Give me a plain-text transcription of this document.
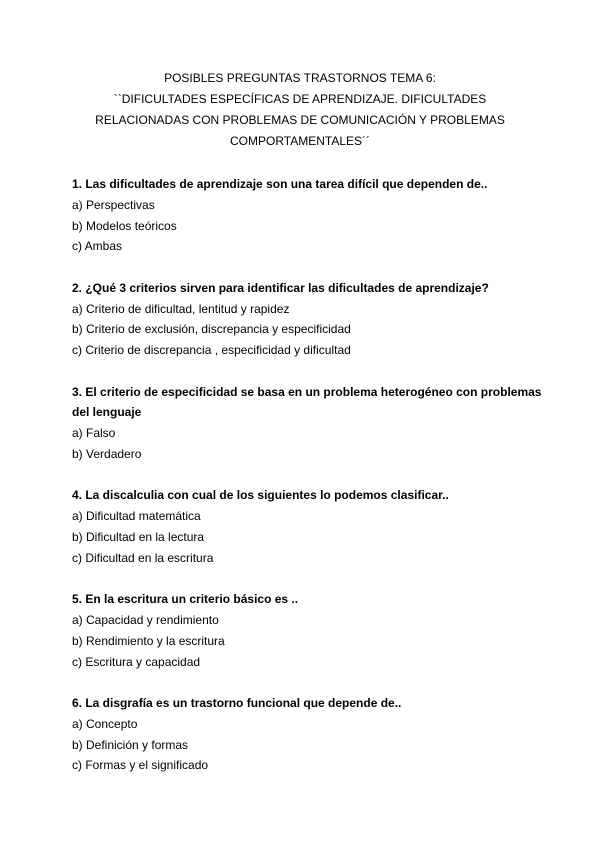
POSIBLES PREGUNTAS TRASTORNOS TEMA 6:
``DIFICULTADES ESPECÍFICAS DE APRENDIZAJE. DIFICULTADES
RELACIONADAS CON PROBLEMAS DE COMUNICACIÓN Y PROBLEMAS
COMPORTAMENTALES´´
1. Las dificultades de aprendizaje son una tarea difícil que dependen de..
a) Perspectivas
b) Modelos teóricos
c) Ambas
2. ¿Qué 3 criterios sirven para identificar las dificultades de aprendizaje?
a) Criterio de dificultad, lentitud y rapidez
b) Criterio de exclusión, discrepancia y especificidad
c) Criterio de discrepancia , especificidad y dificultad
3. El criterio de especificidad se basa en un problema heterogéneo con problemas del lenguaje
a) Falso
b) Verdadero
4. La discalculia con cual de los siguientes lo podemos clasificar..
a) Dificultad matemática
b) Dificultad en la lectura
c) Dificultad en la escritura
5. En la escritura un criterio básico es ..
a) Capacidad y rendimiento
b) Rendimiento y la escritura
c) Escritura y capacidad
6. La disgrafía es un trastorno funcional que depende de..
a) Concepto
b) Definición y formas
c) Formas y el significado
